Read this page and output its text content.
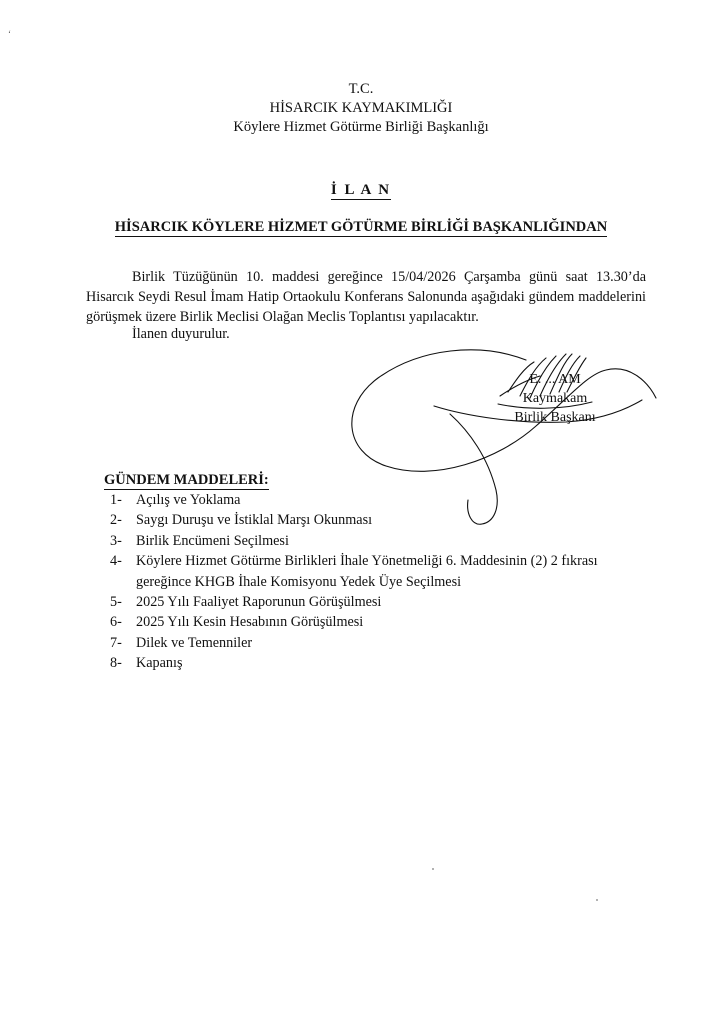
‘
T.C.
HİSARCIK KAYMAKIMLIĞI
Köylere Hizmet Götürme Birliği Başkanlığı
İ L A N
HİSARCIK KÖYLERE HİZMET GÖTÜRME BİRLİĞİ BAŞKANLIĞINDAN
Birlik Tüzüğünün 10. maddesi gereğince 15/04/2026 Çarşamba günü saat 13.30’da Hisarcık Seydi Resul İmam Hatip Ortaokulu Konferans Salonunda aşağıdaki gündem maddelerini görüşmek üzere Birlik Meclisi Olağan Meclis Toplantısı yapılacaktır.
İlanen duyurulur.
E. ... AM
Kaymakam
Birlik Başkanı
GÜNDEM MADDELERİ:
1- Açılış ve Yoklama
2- Saygı Duruşu ve İstiklal Marşı Okunması
3- Birlik Encümeni Seçilmesi
4- Köylere Hizmet Götürme Birlikleri İhale Yönetmeliği 6. Maddesinin (2) 2 fıkrası
gereğince KHGB İhale Komisyonu Yedek Üye Seçilmesi
5- 2025 Yılı Faaliyet Raporunun Görüşülmesi
6- 2025 Yılı Kesin Hesabının Görüşülmesi
7- Dilek ve Temenniler
8- Kapanış
